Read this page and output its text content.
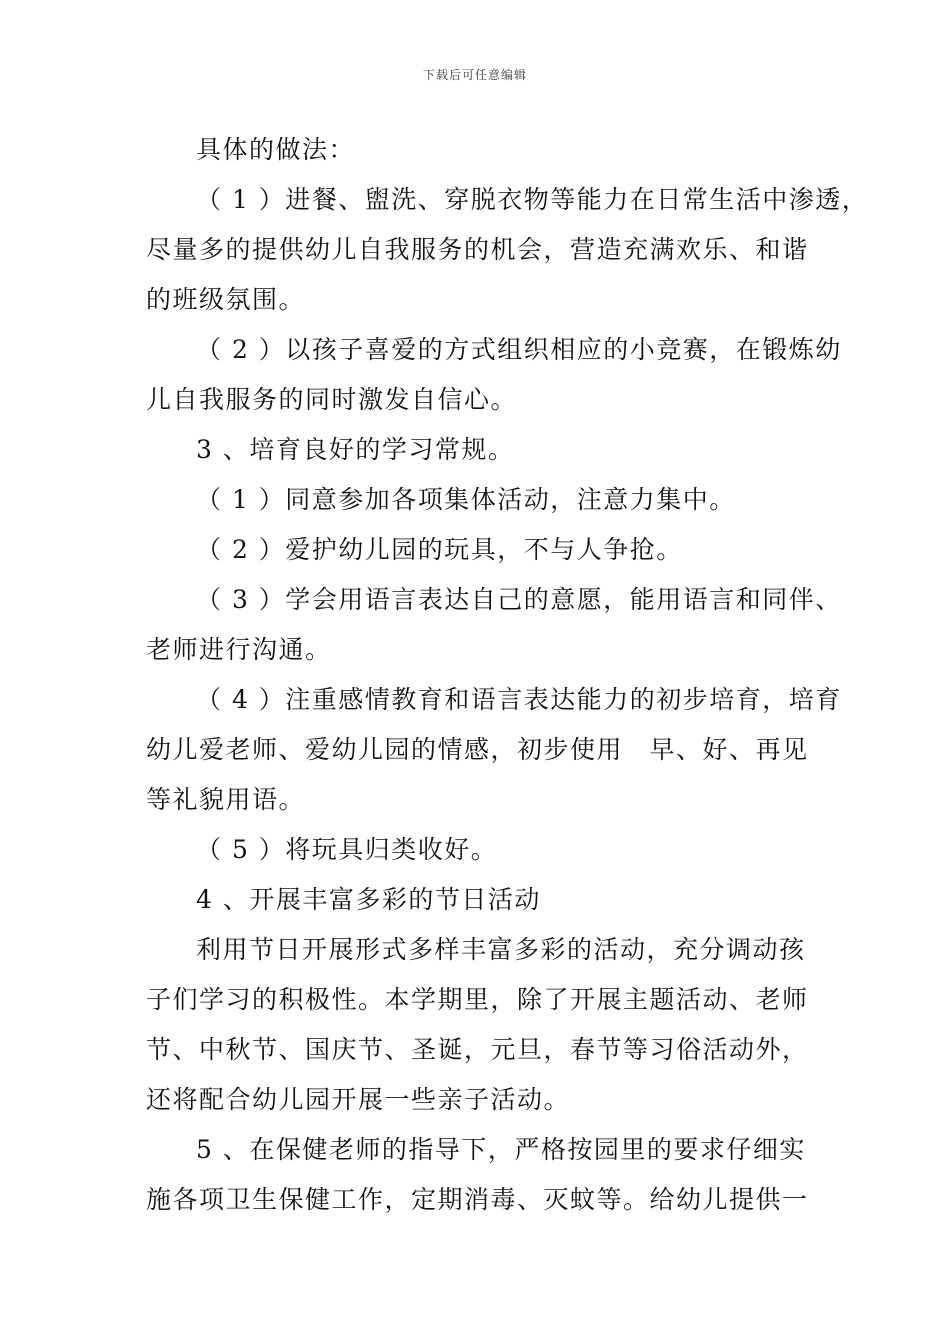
下载后可任意编辑
具体的做法：
（ 1 ）进餐、盥洗、穿脱衣物等能力在日常生活中渗透，
尽量多的提供幼儿自我服务的机会，营造充满欢乐、和谐
的班级氛围。
（ 2 ）以孩子喜爱的方式组织相应的小竞赛，在锻炼幼
儿自我服务的同时激发自信心。
3 、培育良好的学习常规。
（ 1 ）同意参加各项集体活动，注意力集中。
（ 2 ）爱护幼儿园的玩具，不与人争抢。
（ 3 ）学会用语言表达自己的意愿，能用语言和同伴、
老师进行沟通。
（ 4 ）注重感情教育和语言表达能力的初步培育，培育
幼儿爱老师、爱幼儿园的情感，初步使用　早、好、再见
等礼貌用语。
（ 5 ）将玩具归类收好。
4 、开展丰富多彩的节日活动
利用节日开展形式多样丰富多彩的活动，充分调动孩
子们学习的积极性。本学期里，除了开展主题活动、老师
节、中秋节、国庆节、圣诞，元旦，春节等习俗活动外，
还将配合幼儿园开展一些亲子活动。
5 、在保健老师的指导下，严格按园里的要求仔细实
施各项卫生保健工作，定期消毒、灭蚊等。给幼儿提供一
